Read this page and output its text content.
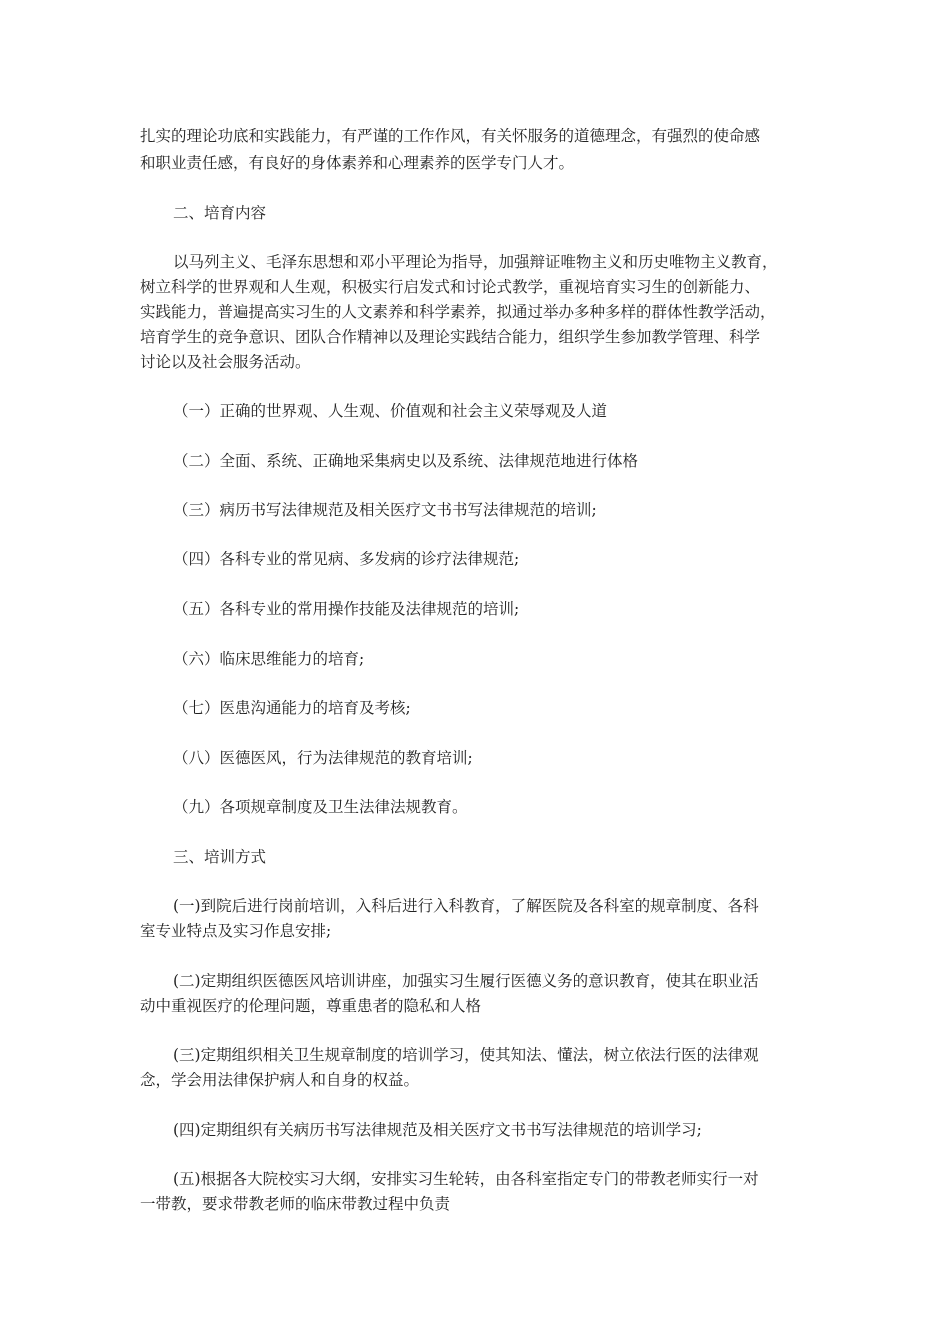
扎实的理论功底和实践能力，有严谨的工作作风，有关怀服务的道德理念，有强烈的使命感
和职业责任感，有良好的身体素养和心理素养的医学专门人才。
二、培育内容
以马列主义、毛泽东思想和邓小平理论为指导，加强辩证唯物主义和历史唯物主义教育，
树立科学的世界观和人生观，积极实行启发式和讨论式教学，重视培育实习生的创新能力、
实践能力，普遍提高实习生的人文素养和科学素养，拟通过举办多种多样的群体性教学活动，
培育学生的竞争意识、团队合作精神以及理论实践结合能力，组织学生参加教学管理、科学
讨论以及社会服务活动。
（一）正确的世界观、人生观、价值观和社会主义荣辱观及人道
（二）全面、系统、正确地采集病史以及系统、法律规范地进行体格
（三）病历书写法律规范及相关医疗文书书写法律规范的培训;
（四）各科专业的常见病、多发病的诊疗法律规范;
（五）各科专业的常用操作技能及法律规范的培训;
（六）临床思维能力的培育;
（七）医患沟通能力的培育及考核;
（八）医德医风，行为法律规范的教育培训;
（九）各项规章制度及卫生法律法规教育。
三、培训方式
(一)到院后进行岗前培训，入科后进行入科教育，了解医院及各科室的规章制度、各科
室专业特点及实习作息安排;
(二)定期组织医德医风培训讲座，加强实习生履行医德义务的意识教育，使其在职业活
动中重视医疗的伦理问题，尊重患者的隐私和人格
(三)定期组织相关卫生规章制度的培训学习，使其知法、懂法，树立依法行医的法律观
念，学会用法律保护病人和自身的权益。
(四)定期组织有关病历书写法律规范及相关医疗文书书写法律规范的培训学习;
(五)根据各大院校实习大纲，安排实习生轮转，由各科室指定专门的带教老师实行一对
一带教，要求带教老师的临床带教过程中负责
